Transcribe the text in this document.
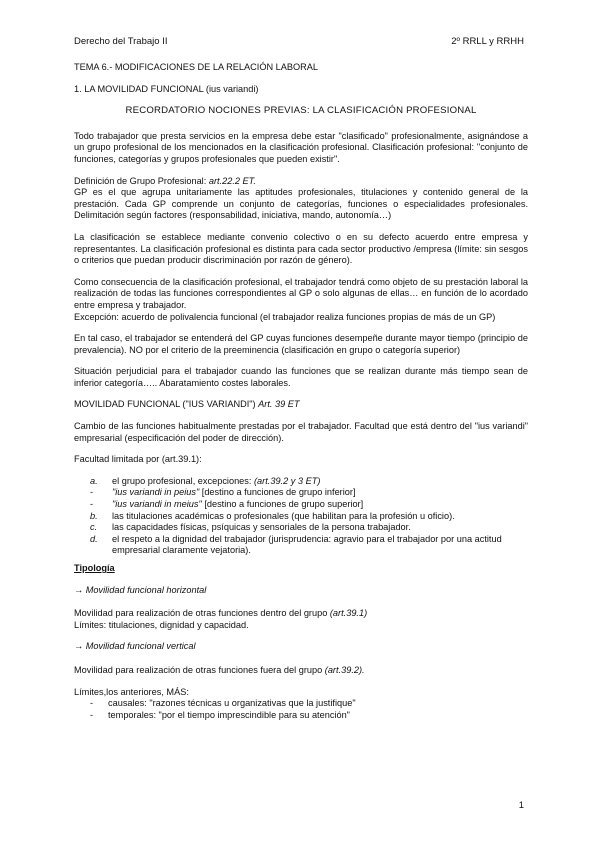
Derecho del Trabajo II	2º RRLL y RRHH

TEMA 6.- MODIFICACIONES DE LA RELACIÓN LABORAL

1. LA MOVILIDAD FUNCIONAL (ius variandi)

RECORDATORIO NOCIONES PREVIAS: LA CLASIFICACIÓN PROFESIONAL

Todo trabajador que presta servicios en la empresa debe estar "clasificado" profesionalmente, asignándose a un grupo profesional de los mencionados en la clasificación profesional. Clasificación profesional: "conjunto de funciones, categorías y grupos profesionales que pueden existir".

Definición de Grupo Profesional: art.22.2 ET.

GP es el que agrupa unitariamente las aptitudes profesionales, titulaciones y contenido general de la prestación. Cada GP comprende un conjunto de categorías, funciones o especialidades profesionales. Delimitación según factores (responsabilidad, iniciativa, mando, autonomía…)

La clasificación se establece mediante convenio colectivo o en su defecto acuerdo entre empresa y representantes. La clasificación profesional es distinta para cada sector productivo /empresa (límite: sin sesgos o criterios que puedan producir discriminación por razón de género).

Como consecuencia de la clasificación profesional, el trabajador tendrá como objeto de su prestación laboral la realización de todas las funciones correspondientes al GP o solo algunas de ellas… en función de lo acordado entre empresa y trabajador.

Excepción: acuerdo de polivalencia funcional (el trabajador realiza funciones propias de más de un GP)

En tal caso, el trabajador se entenderá del GP cuyas funciones desempeñe durante mayor tiempo (principio de prevalencia). NO por el criterio de la preeminencia (clasificación en grupo o categoría superior)

Situación perjudicial para el trabajador cuando las funciones que se realizan durante más tiempo sean de inferior categoría….. Abaratamiento costes laborales.

MOVILIDAD FUNCIONAL ("IUS VARIANDI") Art. 39 ET

Cambio de las funciones habitualmente prestadas por el trabajador. Facultad que está dentro del "ius variandi" empresarial (especificación del poder de dirección).

Facultad limitada por (art.39.1):

a.	el grupo profesional, excepciones: (art.39.2 y 3 ET)
-	"ius variandi in peius" [destino a funciones de grupo inferior]
-	"ius variandi in meius" [destino a funciones de grupo superior]
b.	las titulaciones académicas o profesionales (que habilitan para la profesión u oficio).
c.	las capacidades físicas, psíquicas y sensoriales de la persona trabajador.
d.	el respeto a la dignidad del trabajador (jurisprudencia: agravio para el trabajador por una actitud empresarial claramente vejatoria).
Tipología
→ Movilidad funcional horizontal

Movilidad para realización de otras funciones dentro del grupo (art.39.1)

Límites: titulaciones, dignidad y capacidad.

→ Movilidad funcional vertical

Movilidad para realización de otras funciones fuera del grupo (art.39.2).

Límites,los anteriores, MÁS:

-	causales: "razones técnicas u organizativas que la justifique"
-	temporales: "por el tiempo imprescindible para su atención"
1
